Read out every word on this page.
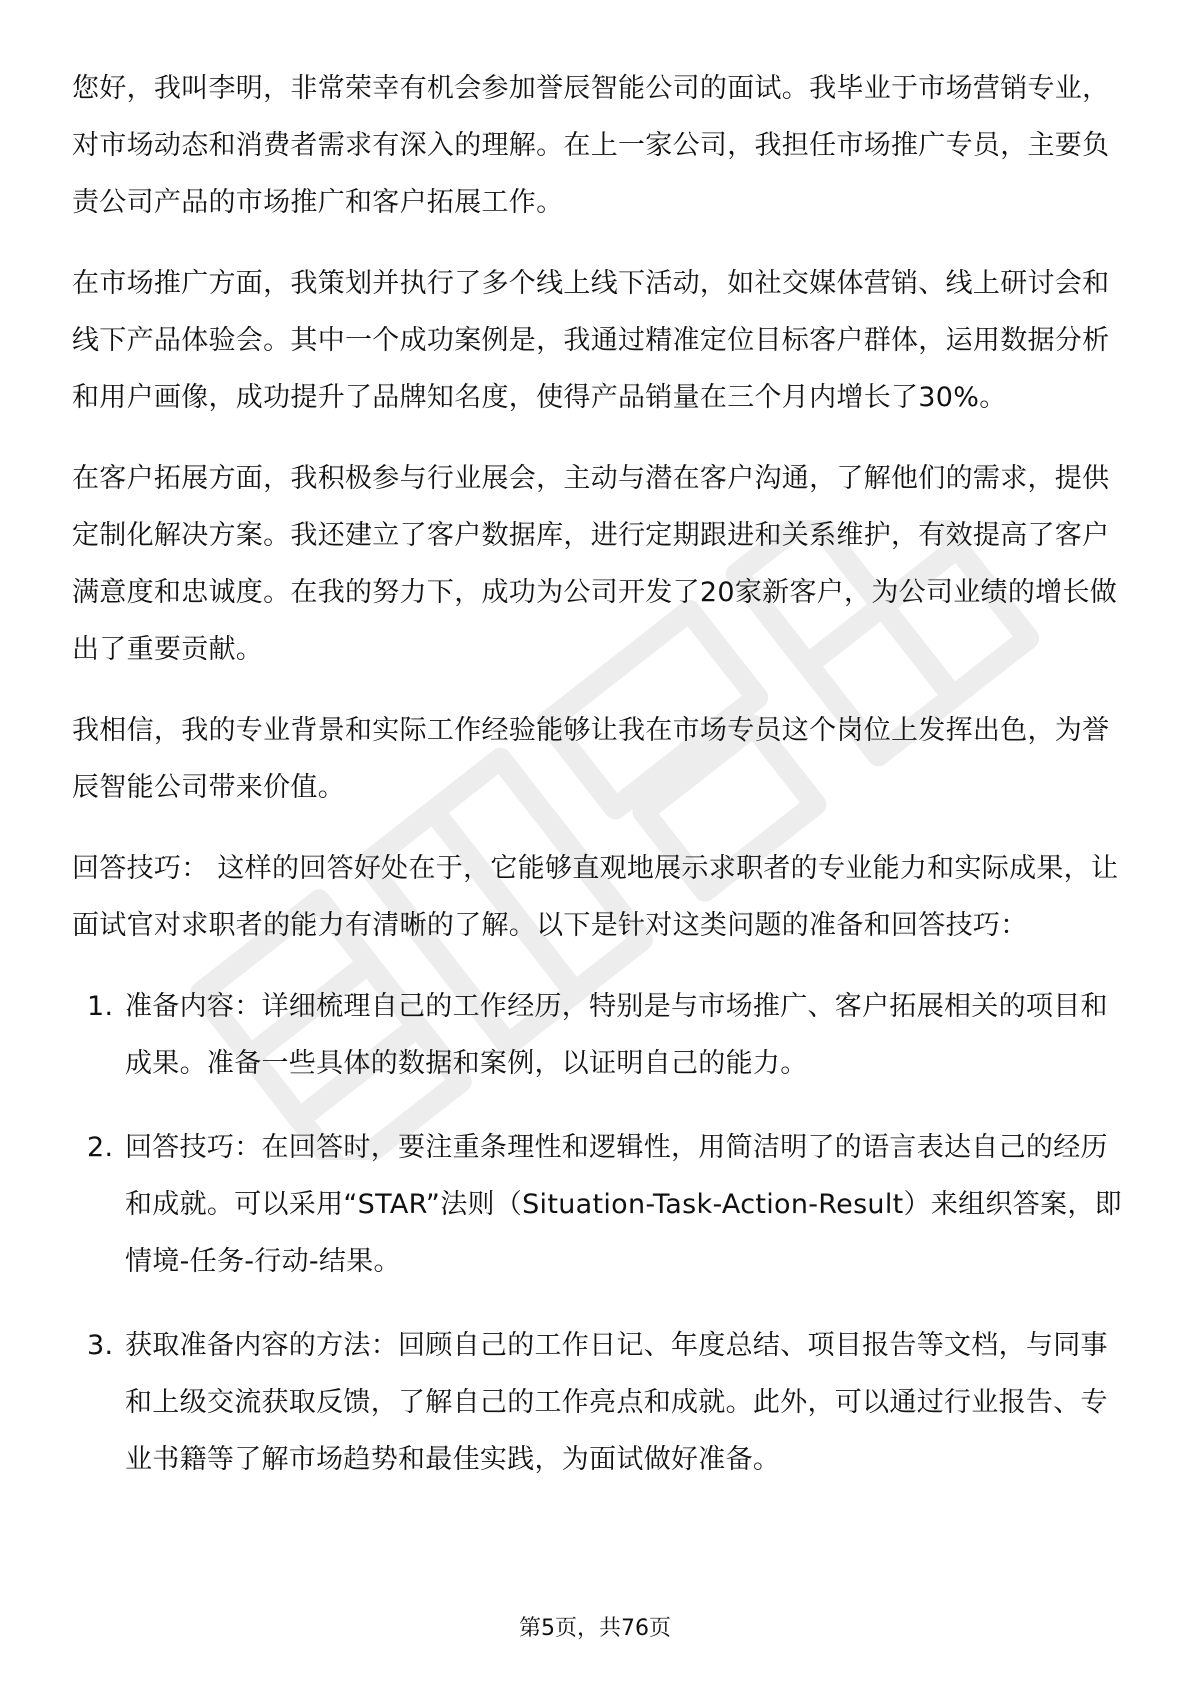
您好，我叫李明，非常荣幸有机会参加誉辰智能公司的面试。我毕业于市场营销专业，对市场动态和消费者需求有深入的理解。在上一家公司，我担任市场推广专员，主要负责公司产品的市场推广和客户拓展工作。

在市场推广方面，我策划并执行了多个线上线下活动，如社交媒体营销、线上研讨会和线下产品体验会。其中一个成功案例是，我通过精准定位目标客户群体，运用数据分析和用户画像，成功提升了品牌知名度，使得产品销量在三个月内增长了30%。

在客户拓展方面，我积极参与行业展会，主动与潜在客户沟通，了解他们的需求，提供定制化解决方案。我还建立了客户数据库，进行定期跟进和关系维护，有效提高了客户满意度和忠诚度。在我的努力下，成功为公司开发了20家新客户，为公司业绩的增长做出了重要贡献。

我相信，我的专业背景和实际工作经验能够让我在市场专员这个岗位上发挥出色，为誉辰智能公司带来价值。

回答技巧： 这样的回答好处在于，它能够直观地展示求职者的专业能力和实际成果，让面试官对求职者的能力有清晰的了解。以下是针对这类问题的准备和回答技巧：

1. 准备内容：详细梳理自己的工作经历，特别是与市场推广、客户拓展相关的项目和成果。准备一些具体的数据和案例，以证明自己的能力。
2. 回答技巧：在回答时，要注重条理性和逻辑性，用简洁明了的语言表达自己的经历和成就。可以采用“STAR”法则（Situation-Task-Action-Result）来组织答案，即情境-任务-行动-结果。
3. 获取准备内容的方法：回顾自己的工作日记、年度总结、项目报告等文档，与同事和上级交流获取反馈，了解自己的工作亮点和成就。此外，可以通过行业报告、专业书籍等了解市场趋势和最佳实践，为面试做好准备。
第5页，共76页
